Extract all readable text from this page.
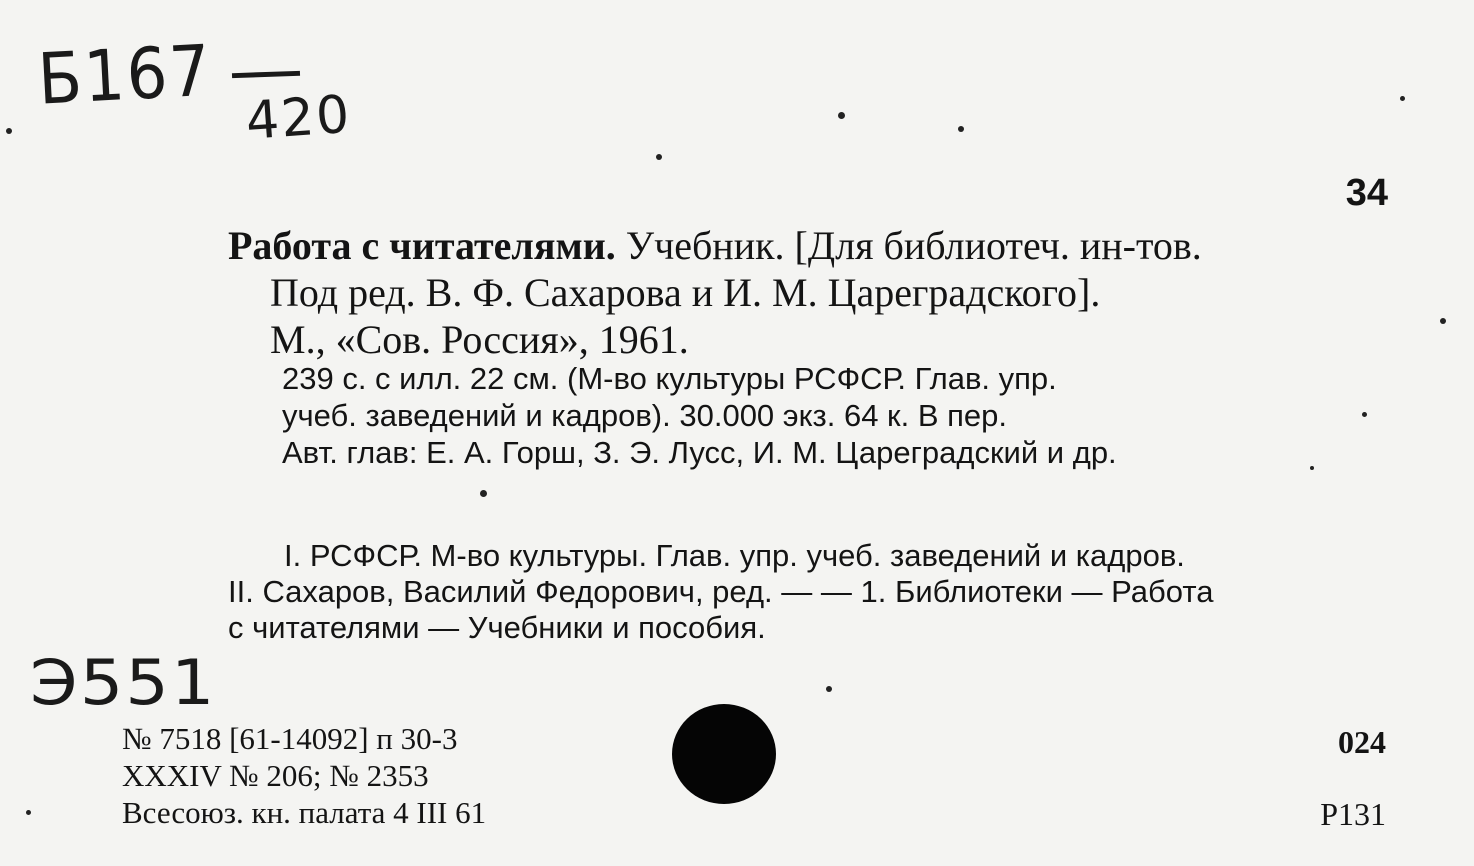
Б167 420
34
Работа с читателями. Учебник. [Для библиотеч. ин-тов.
Под ред. В. Ф. Сахарова и И. М. Цареградского].
М., «Сов. Россия», 1961.
239 с. с илл. 22 см. (М-во культуры РСФСР. Глав. упр.
учеб. заведений и кадров). 30.000 экз. 64 к. В пер.
Авт. глав: Е. А. Горш, З. Э. Лусс, И. М. Цареградский и др.
I. РСФСР. М-во культуры. Глав. упр. учеб. заведений и кадров.
II. Сахаров, Василий Федорович, ред. — — 1. Библиотеки — Работа
с читателями — Учебники и пособия.
Э551
№ 7518 [61-14092] п 30-3
XXXIV № 206; № 2353
Всесоюз. кн. палата 4 III 61
024
P131
